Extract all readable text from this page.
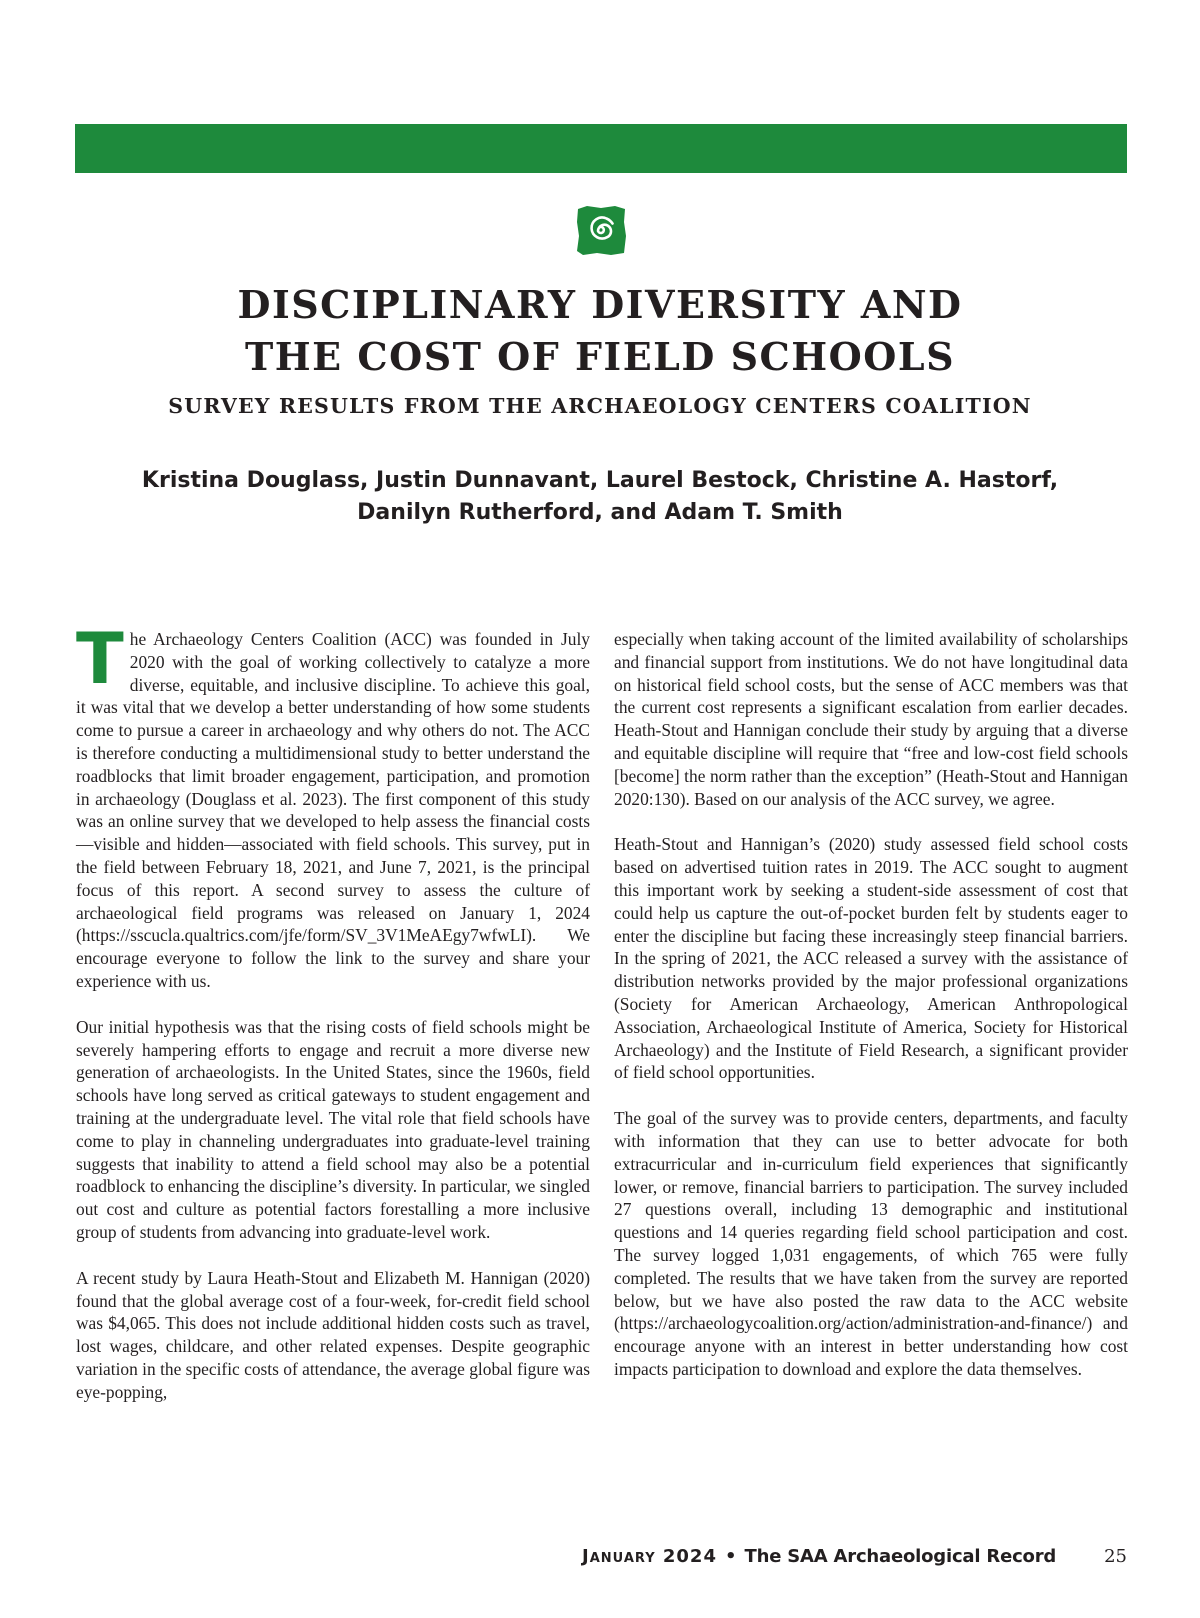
DISCIPLINARY DIVERSITY AND
THE COST OF FIELD SCHOOLS
SURVEY RESULTS FROM THE ARCHAEOLOGY CENTERS COALITION
Kristina Douglass, Justin Dunnavant, Laurel Bestock, Christine A. Hastorf,
Danilyn Rutherford, and Adam T. Smith

The Archaeology Centers Coalition (ACC) was founded in July 2020 with the goal of working collectively to catalyze a more diverse, equitable, and inclusive discipline. To achieve this goal, it was vital that we develop a better understanding of how some students come to pursue a career in archaeology and why others do not. The ACC is therefore conducting a multidimensional study to better understand the roadblocks that limit broader engagement, participation, and promotion in archaeology (Douglass et al. 2023). The first component of this study was an online survey that we developed to help assess the financial costs—visible and hidden—associated with field schools. This survey, put in the field between February 18, 2021, and June 7, 2021, is the principal focus of this report. A second survey to assess the culture of archaeological field programs was released on January 1, 2024 (https://sscucla.qualtrics.com/jfe/form/SV_3V1MeAEgy7wfwLI). We encourage everyone to follow the link to the survey and share your experience with us.

Our initial hypothesis was that the rising costs of field schools might be severely hampering efforts to engage and recruit a more diverse new generation of archaeologists. In the United States, since the 1960s, field schools have long served as critical gateways to student engagement and training at the undergraduate level. The vital role that field schools have come to play in channeling undergraduates into graduate-level training suggests that inability to attend a field school may also be a potential roadblock to enhancing the discipline’s diversity. In particular, we singled out cost and culture as potential factors forestalling a more inclusive group of students from advancing into graduate-level work.

A recent study by Laura Heath-Stout and Elizabeth M. Hannigan (2020) found that the global average cost of a four-week, for-credit field school was $4,065. This does not include additional hidden costs such as travel, lost wages, childcare, and other related expenses. Despite geographic variation in the specific costs of attendance, the average global figure was eye-popping,

especially when taking account of the limited availability of scholarships and financial support from institutions. We do not have longitudinal data on historical field school costs, but the sense of ACC members was that the current cost represents a significant escalation from earlier decades. Heath-Stout and Hannigan conclude their study by arguing that a diverse and equitable discipline will require that “free and low-cost field schools [become] the norm rather than the exception” (Heath-Stout and Hannigan 2020:130). Based on our analysis of the ACC survey, we agree.

Heath-Stout and Hannigan’s (2020) study assessed field school costs based on advertised tuition rates in 2019. The ACC sought to augment this important work by seeking a student-side assessment of cost that could help us capture the out-of-pocket burden felt by students eager to enter the discipline but facing these increasingly steep financial barriers. In the spring of 2021, the ACC released a survey with the assistance of distribution networks provided by the major professional organizations (Society for American Archaeology, American Anthropological Association, Archaeological Institute of America, Society for Historical Archaeology) and the Institute of Field Research, a significant provider of field school opportunities.

The goal of the survey was to provide centers, departments, and faculty with information that they can use to better advocate for both extracurricular and in-curriculum field experiences that significantly lower, or remove, financial barriers to participation. The survey included 27 questions overall, including 13 demographic and institutional questions and 14 queries regarding field school participation and cost. The survey logged 1,031 engagements, of which 765 were fully completed. The results that we have taken from the survey are reported below, but we have also posted the raw data to the ACC website (https://archaeologycoalition.org/action/administration-and-finance/) and encourage anyone with an interest in better understanding how cost impacts participation to download and explore the data themselves.

January 2024 • The SAA Archaeological Record	25
